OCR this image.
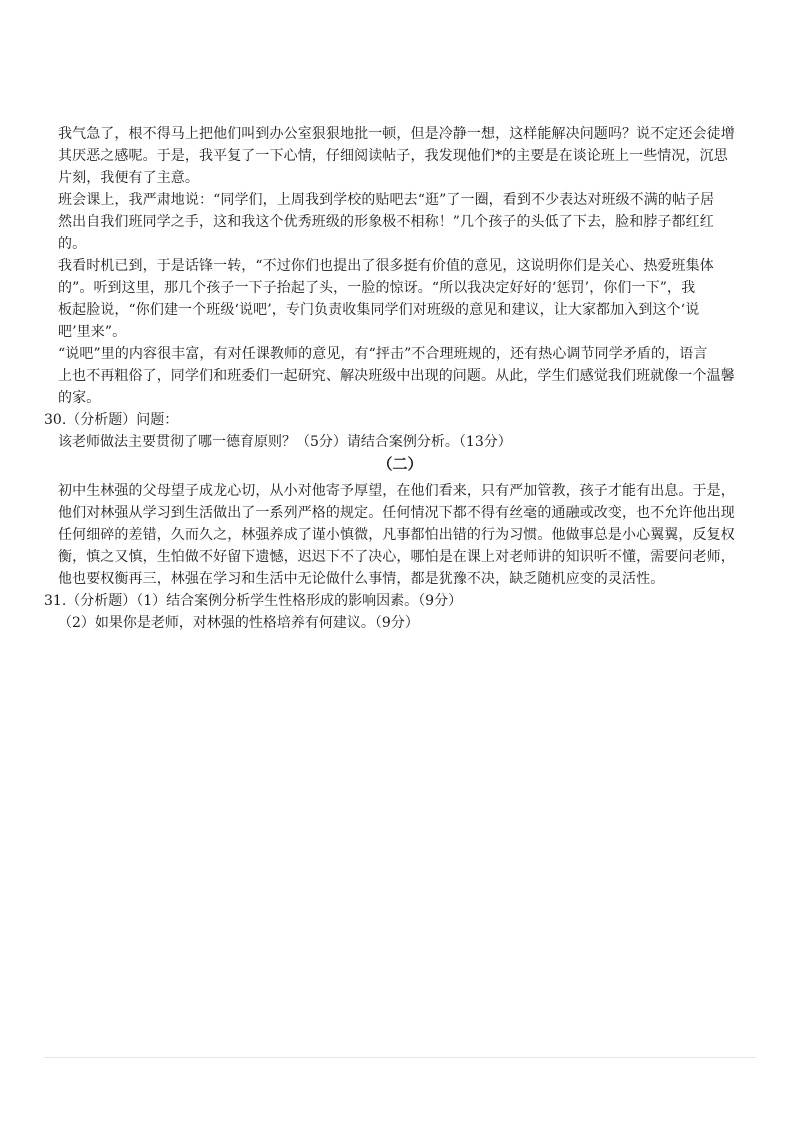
我气急了，根不得马上把他们叫到办公室狠狠地批一顿，但是冷静一想，这样能解决问题吗？说不定还会徒增

其厌恶之感呢。于是，我平复了一下心情，仔细阅读帖子，我发现他们*的主要是在谈论班上一些情况，沉思

片刻，我便有了主意。

班会课上，我严肃地说：“同学们，上周我到学校的贴吧去“逛”了一圈，看到不少表达对班级不满的帖子居

然出自我们班同学之手，这和我这个优秀班级的形象极不相称！”几个孩子的头低了下去，脸和脖子都红红

的。

我看时机已到，于是话锋一转，“不过你们也提出了很多挺有价值的意见，这说明你们是关心、热爱班集体

的”。听到这里，那几个孩子一下子抬起了头，一脸的惊讶。“所以我决定好好的‘惩罚’，你们一下”，我

板起脸说，“你们建一个班级‘说吧’，专门负责收集同学们对班级的意见和建议，让大家都加入到这个‘说

吧’里来”。

“说吧”里的内容很丰富，有对任课教师的意见，有“抨击”不合理班规的，还有热心调节同学矛盾的，语言

上也不再粗俗了，同学们和班委们一起研究、解决班级中出现的问题。从此，学生们感觉我们班就像一个温馨

的家。

30.（分析题）问题：

该老师做法主要贯彻了哪一德育原则？（5分）请结合案例分析。（13分）

（二）

初中生林强的父母望子成龙心切，从小对他寄予厚望，在他们看来，只有严加管教，孩子才能有出息。于是，

他们对林强从学习到生活做出了一系列严格的规定。任何情况下都不得有丝毫的通融或改变，也不允许他出现

任何细碎的差错，久而久之，林强养成了谨小慎微，凡事都怕出错的行为习惯。他做事总是小心翼翼，反复权

衡，慎之又慎，生怕做不好留下遗憾，迟迟下不了决心，哪怕是在课上对老师讲的知识听不懂，需要问老师，

他也要权衡再三，林强在学习和生活中无论做什么事情，都是犹豫不决，缺乏随机应变的灵活性。

31.（分析题）（1）结合案例分析学生性格形成的影响因素。（9分）

（2）如果你是老师，对林强的性格培养有何建议。（9分）
